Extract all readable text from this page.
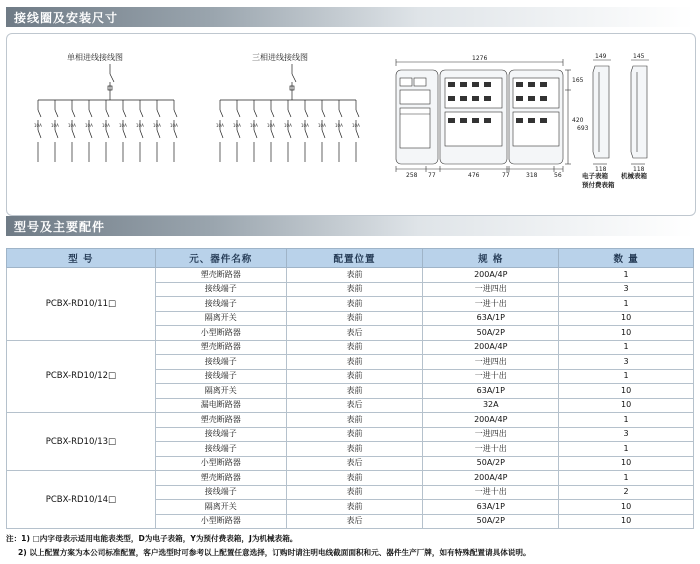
接线圈及安装尺寸
单相进线接线图	三相进线接线图
10A 10A 10A 10A 10A 10A 10A 10A 10A	10A 10A 10A 10A 10A 10A 10A 10A 10A
1276
165
420
693
258 77	476	77	318	56
149
118
145
118
电子表箱
预付费表箱
机械表箱
型号及主要配件
型 号	元、器件名称	配置位置	规 格	数 量
PCBX-RD10/11□	塑壳断路器	表前	200A/4P	1
	接线端子	表前	一进四出	3
	接线端子	表前	一进十出	1
	隔离开关	表前	63A/1P	10
	小型断路器	表后	50A/2P	10
PCBX-RD10/12□	塑壳断路器	表前	200A/4P	1
	接线端子	表前	一进四出	3
	接线端子	表前	一进十出	1
	隔离开关	表前	63A/1P	10
	漏电断路器	表后	32A	10
PCBX-RD10/13□	塑壳断路器	表前	200A/4P	1
	接线端子	表前	一进四出	3
	接线端子	表前	一进十出	1
	小型断路器	表后	50A/2P	10
PCBX-RD10/14□	塑壳断路器	表前	200A/4P	1
	接线端子	表前	一进十出	2
	隔离开关	表前	63A/1P	10
	小型断路器	表后	50A/2P	10
注：1) □内字母表示适用电能表类型，D为电子表箱，Y为预付费表箱，J为机械表箱。
2) 以上配置方案为本公司标准配置，客户选型时可参考以上配置任意选择，订购时请注明电线截面面积和元、器件生产厂牌，如有特殊配置请具体说明。
